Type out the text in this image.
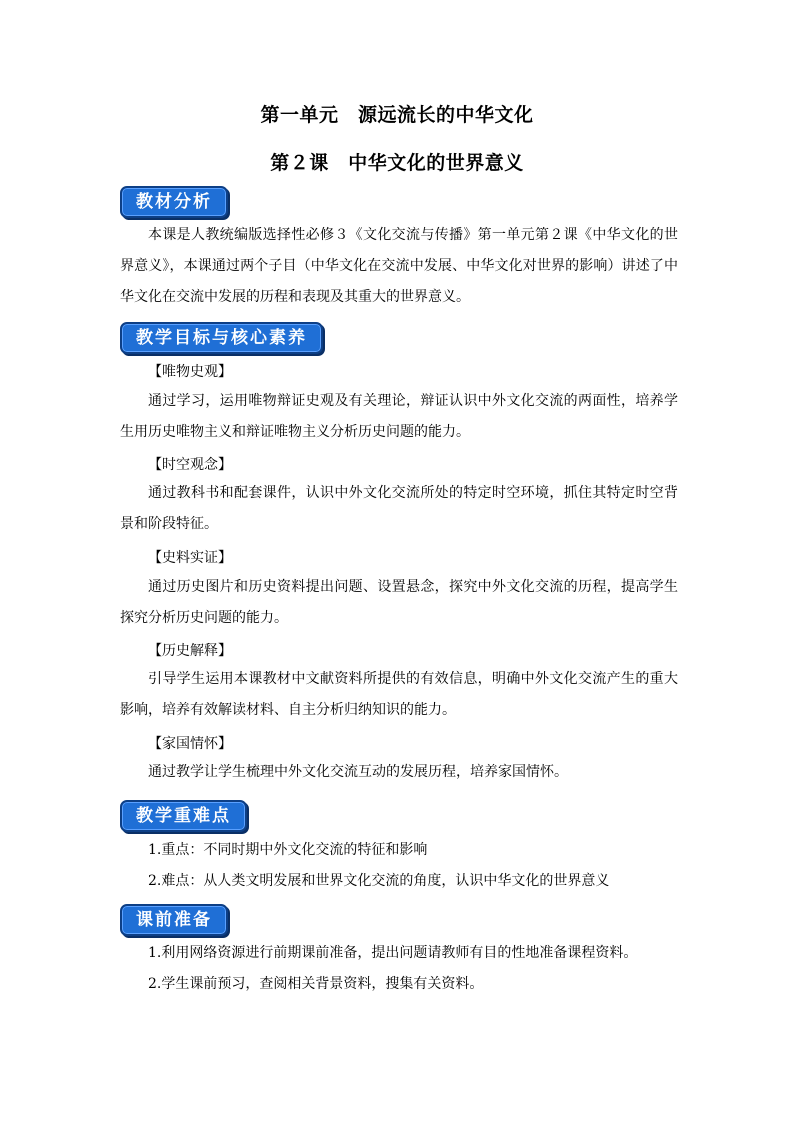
第一单元　源远流长的中华文化
第２课　中华文化的世界意义
教材分析
本课是人教统编版选择性必修３《文化交流与传播》第一单元第２课《中华文化的世界意义》，本课通过两个子目（中华文化在交流中发展、中华文化对世界的影响）讲述了中华文化在交流中发展的历程和表现及其重大的世界意义。
教学目标与核心素养
【唯物史观】
通过学习，运用唯物辩证史观及有关理论，辩证认识中外文化交流的两面性，培养学生用历史唯物主义和辩证唯物主义分析历史问题的能力。
【时空观念】
通过教科书和配套课件，认识中外文化交流所处的特定时空环境，抓住其特定时空背景和阶段特征。
【史料实证】
通过历史图片和历史资料提出问题、设置悬念，探究中外文化交流的历程，提高学生探究分析历史问题的能力。
【历史解释】
引导学生运用本课教材中文献资料所提供的有效信息，明确中外文化交流产生的重大影响，培养有效解读材料、自主分析归纳知识的能力。
【家国情怀】
通过教学让学生梳理中外文化交流互动的发展历程，培养家国情怀。
教学重难点
1.重点：不同时期中外文化交流的特征和影响
2.难点：从人类文明发展和世界文化交流的角度，认识中华文化的世界意义
课前准备
1.利用网络资源进行前期课前准备，提出问题请教师有目的性地准备课程资料。
2.学生课前预习，查阅相关背景资料，搜集有关资料。
